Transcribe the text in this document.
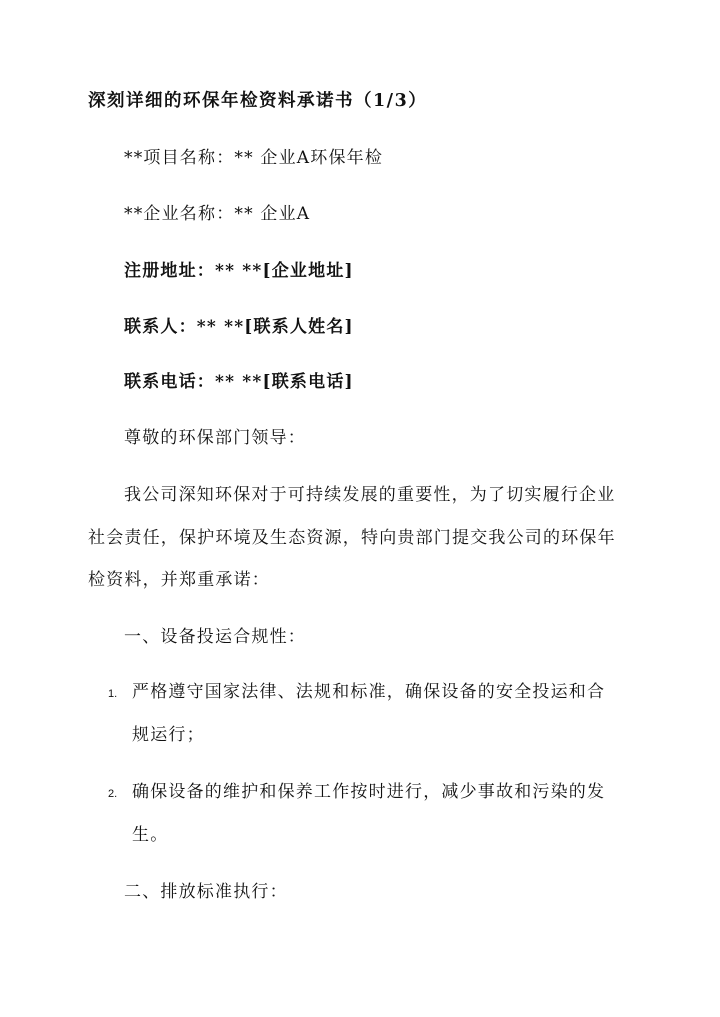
深刻详细的环保年检资料承诺书（1/3）
**项目名称：** 企业A环保年检
**企业名称：** 企业A
注册地址：** **[企业地址]
联系人：** **[联系人姓名]
联系电话：** **[联系电话]
尊敬的环保部门领导：
我公司深知环保对于可持续发展的重要性，为了切实履行企业
社会责任，保护环境及生态资源，特向贵部门提交我公司的环保年
检资料，并郑重承诺：
一、设备投运合规性：
1. 严格遵守国家法律、法规和标准，确保设备的安全投运和合
规运行；
2. 确保设备的维护和保养工作按时进行，减少事故和污染的发
生。
二、排放标准执行：
